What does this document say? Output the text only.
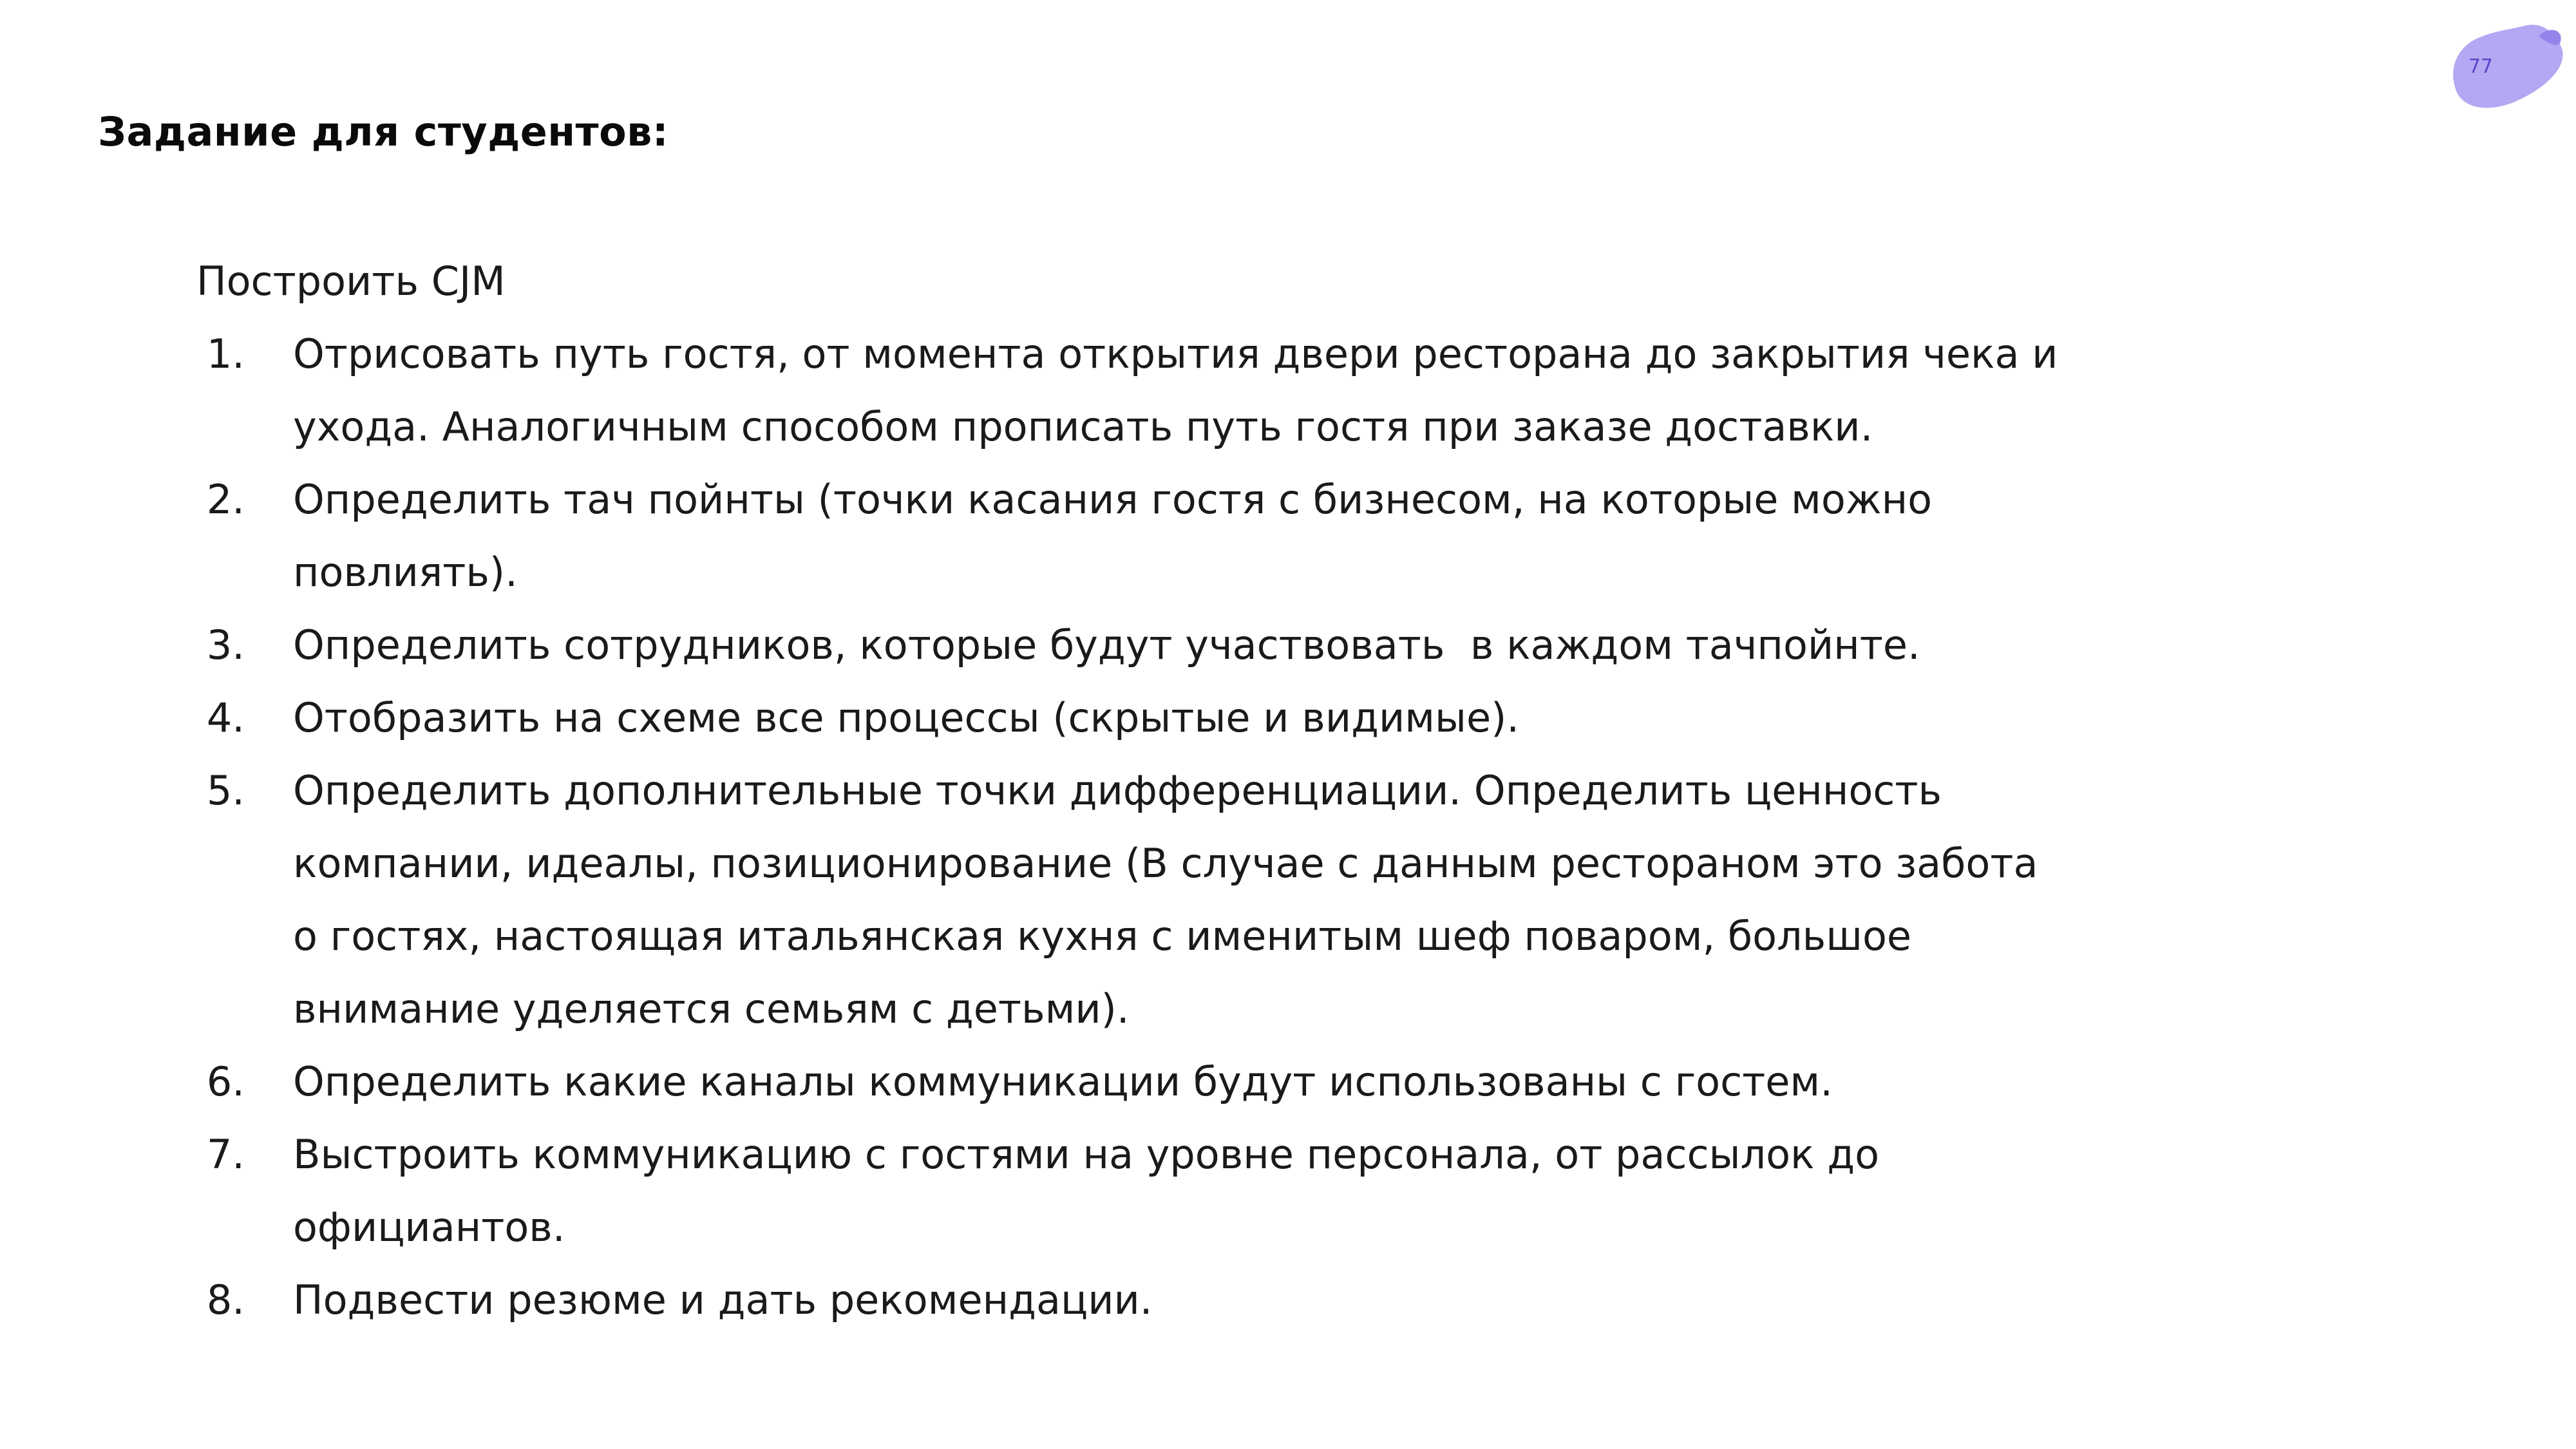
Задание для студентов:
77

Построить CJM

1. Отрисовать путь гостя, от момента открытия двери ресторана до закрытия чека и
ухода. Аналогичным способом прописать путь гостя при заказе доставки.
2. Определить тач пойнты (точки касания гостя с бизнесом, на которые можно
повлиять).
3. Определить сотрудников, которые будут участвовать  в каждом тачпойнте.
4. Отобразить на схеме все процессы (скрытые и видимые).
5. Определить дополнительные точки дифференциации. Определить ценность
компании, идеалы, позиционирование (В случае с данным рестораном это забота
о гостях, настоящая итальянская кухня с именитым шеф поваром, большое
внимание уделяется семьям с детьми).
6. Определить какие каналы коммуникации будут использованы с гостем.
7. Выстроить коммуникацию с гостями на уровне персонала, от рассылок до
официантов.
8. Подвести резюме и дать рекомендации.
